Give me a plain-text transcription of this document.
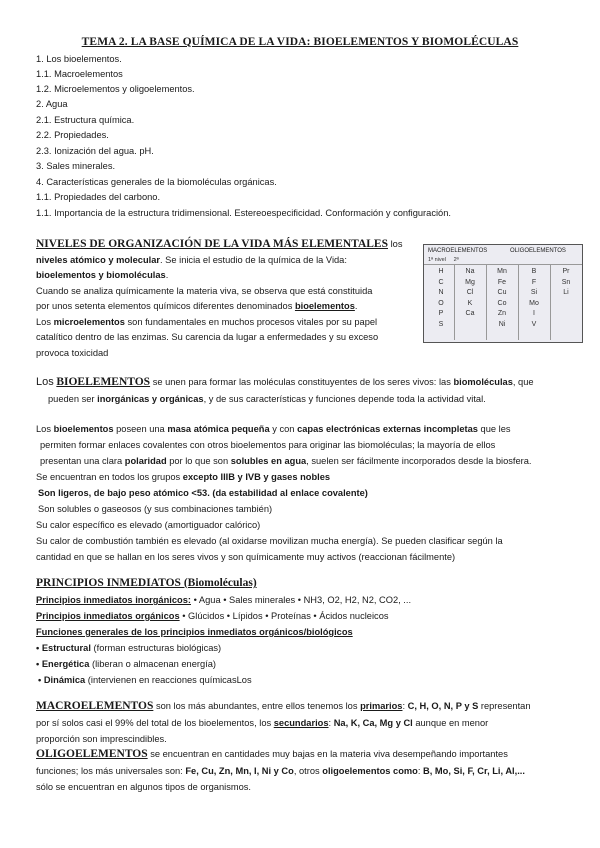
TEMA 2. LA BASE QUÍMICA DE LA VIDA: BIOELEMENTOS Y BIOMOLÉCULAS
1. Los bioelementos.
1.1. Macroelementos
1.2. Microelementos y oligoelementos.
2. Agua
2.1. Estructura química.
2.2. Propiedades.
2.3. Ionización del agua. pH.
3. Sales minerales.
4. Características generales de la biomoléculas orgánicas.
1.1. Propiedades del carbono.
1.1. Importancia de la estructura tridimensional. Estereoespecificidad. Conformación y configuración.
NIVELES DE ORGANIZACIÓN DE LA VIDA MÁS ELEMENTALES los
niveles atómico y molecular. Se inicia el estudio de la química de la Vida:
bioelementos y biomoléculas.
Cuando se analiza químicamente la materia viva, se observa que está constituida
por unos setenta elementos químicos diferentes denominados bioelementos.
Los microelementos son fundamentales en muchos procesos vitales por su papel
catalítico dentro de las enzimas. Su carencia da lugar a enfermedades y su exceso
provoca toxicidad
MACROELEMENTOS	OLIGOELEMENTOS
1ª nivel 2ª
H
C
N
O
P
S
Na
Mg
Cl
K
Ca
Mn
Fe
Cu
Co
Zn
Ni
B
F
Si
Mo
I
V
Pr
Sn
Li
Los BIOELEMENTOS se unen para formar las moléculas constituyentes de los seres vivos: las biomoléculas, que
pueden ser inorgánicas y orgánicas, y de sus características y funciones depende toda la actividad vital.
Los bioelementos poseen una masa atómica pequeña y con capas electrónicas externas incompletas que les
permiten formar enlaces covalentes con otros bioelementos para originar las biomoléculas; la mayoría de ellos
presentan una clara polaridad por lo que son solubles en agua, suelen ser fácilmente incorporados desde la biosfera.
Se encuentran en todos los grupos excepto IIIB y IVB y gases nobles
Son ligeros, de bajo peso atómico <53. (da estabilidad al enlace covalente)
Son solubles o gaseosos (y sus combinaciones también)
Su calor específico es elevado (amortiguador calórico)
Su calor de combustión también es elevado (al oxidarse movilizan mucha energía). Se pueden clasificar según la
cantidad en que se hallan en los seres vivos y son químicamente muy activos (reaccionan fácilmente)
PRINCIPIOS INMEDIATOS (Biomoléculas)
Principios inmediatos inorgánicos: • Agua • Sales minerales • NH3, O2, H2, N2, CO2, ...
Principios inmediatos orgánicos • Glúcidos • Lípidos • Proteínas • Ácidos nucleicos
Funciones generales de los principios inmediatos orgánicos/biológicos
• Estructural (forman estructuras biológicas)
• Energética (liberan o almacenan energía)
• Dinámica (intervienen en reacciones químicasLos
MACROELEMENTOS son los más abundantes, entre ellos tenemos los primarios: C, H, O, N, P y S representan
por sí solos casi el 99% del total de los bioelementos, los secundarios: Na, K, Ca, Mg y Cl aunque en menor
proporción son imprescindibles.
OLIGOELEMENTOS se encuentran en cantidades muy bajas en la materia viva desempeñando importantes
funciones; los más universales son: Fe, Cu, Zn, Mn, I, Ni y Co, otros oligoelementos como: B, Mo, Si, F, Cr, Li, Al,...
sólo se encuentran en algunos tipos de organismos.
